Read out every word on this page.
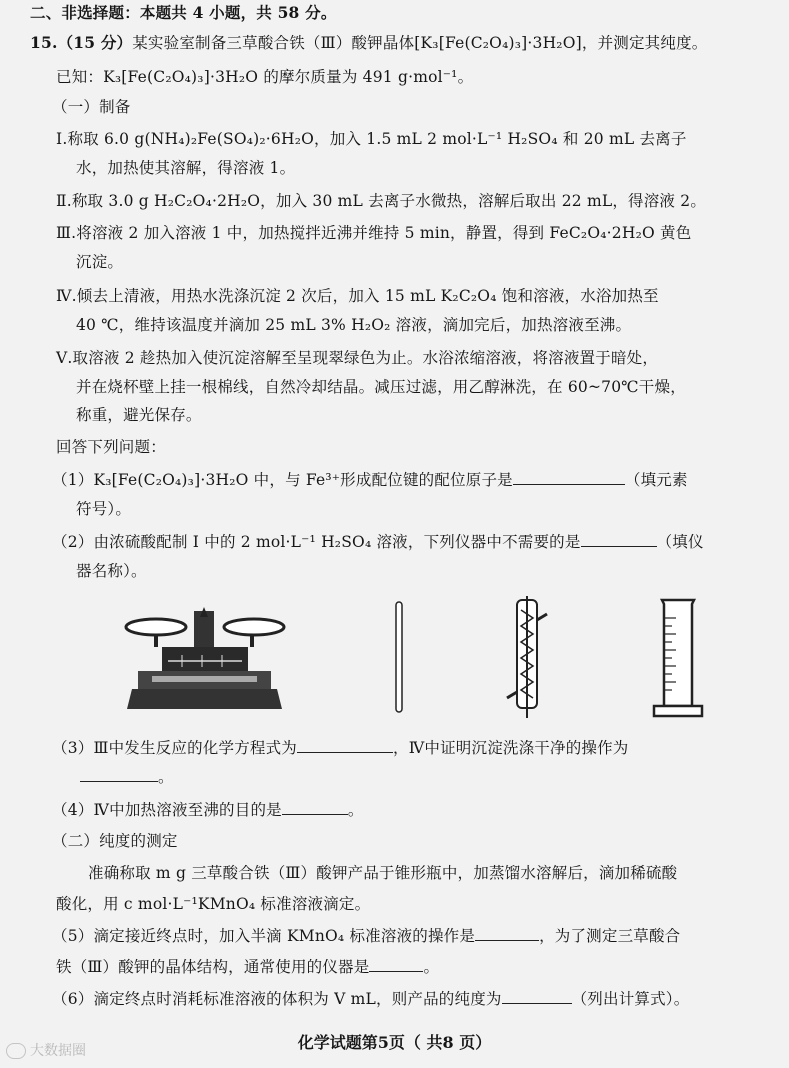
二、非选择题：本题共 4 小题，共 58 分。
15.（15 分）某实验室制备三草酸合铁（Ⅲ）酸钾晶体[K₃[Fe(C₂O₄)₃]·3H₂O]，并测定其纯度。
已知：K₃[Fe(C₂O₄)₃]·3H₂O 的摩尔质量为 491 g·mol⁻¹。
（一）制备
Ⅰ.称取 6.0 g(NH₄)₂Fe(SO₄)₂·6H₂O，加入 1.5 mL 2 mol·L⁻¹ H₂SO₄ 和 20 mL 去离子
水，加热使其溶解，得溶液 1。
Ⅱ.称取 3.0 g H₂C₂O₄·2H₂O，加入 30 mL 去离子水微热，溶解后取出 22 mL，得溶液 2。
Ⅲ.将溶液 2 加入溶液 1 中，加热搅拌近沸并维持 5 min，静置，得到 FeC₂O₄·2H₂O 黄色
沉淀。
Ⅳ.倾去上清液，用热水洗涤沉淀 2 次后，加入 15 mL K₂C₂O₄ 饱和溶液，水浴加热至
40 ℃，维持该温度并滴加 25 mL 3% H₂O₂ 溶液，滴加完后，加热溶液至沸。
Ⅴ.取溶液 2 趁热加入使沉淀溶解至呈现翠绿色为止。水浴浓缩溶液，将溶液置于暗处，
并在烧杯壁上挂一根棉线，自然冷却结晶。减压过滤，用乙醇淋洗，在 60~70℃干燥，
称重，避光保存。
回答下列问题：
（1）K₃[Fe(C₂O₄)₃]·3H₂O 中，与 Fe³⁺形成配位键的配位原子是	（填元素
符号）。
（2）由浓硫酸配制 Ⅰ 中的 2 mol·L⁻¹ H₂SO₄ 溶液，下列仪器中不需要的是	（填仪
器名称）。
（3）Ⅲ中发生反应的化学方程式为	，Ⅳ中证明沉淀洗涤干净的操作为
。
（4）Ⅳ中加热溶液至沸的目的是	。
（二）纯度的测定
准确称取 m g 三草酸合铁（Ⅲ）酸钾产品于锥形瓶中，加蒸馏水溶解后，滴加稀硫酸
酸化，用 c mol·L⁻¹KMnO₄ 标准溶液滴定。
（5）滴定接近终点时，加入半滴 KMnO₄ 标准溶液的操作是	，为了测定三草酸合
铁（Ⅲ）酸钾的晶体结构，通常使用的仪器是	。
（6）滴定终点时消耗标准溶液的体积为 V mL，则产品的纯度为	（列出计算式）。
化学试题第5页（ 共8 页）
大数据圈
